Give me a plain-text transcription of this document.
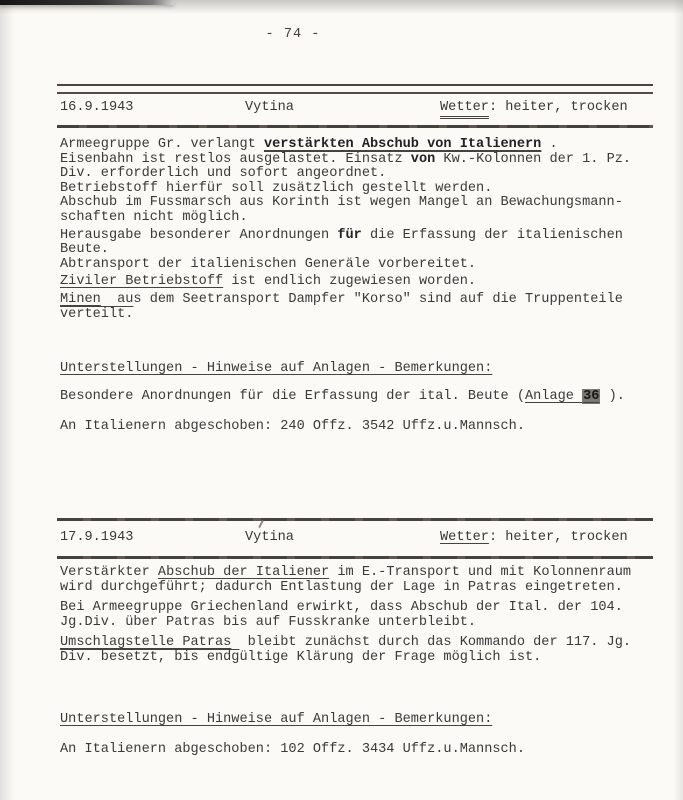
- 74 -
16.9.1943	Vytina	Wetter: heiter, trocken
Armeegruppe Gr. verlangt verstärkten Abschub von Italienern .
Eisenbahn ist restlos ausgelastet. Einsatz von Kw.-Kolonnen der 1. Pz.
Div. erforderlich und sofort angeordnet.
Betriebstoff hierfür soll zusätzlich gestellt werden.
Abschub im Fussmarsch aus Korinth ist wegen Mangel an Bewachungsmann-
schaften nicht möglich.
Herausgabe besonderer Anordnungen für die Erfassung der italienischen
Beute.
Abtransport der italienischen Generäle vorbereitet.
Ziviler Betriebstoff ist endlich zugewiesen worden.
Minen  aus dem Seetransport Dampfer "Korso" sind auf die Truppenteile
verteilt.
Unterstellungen - Hinweise auf Anlagen - Bemerkungen:
Besondere Anordnungen für die Erfassung der ital. Beute (Anlage 36 ).
An Italienern abgeschoben: 240 Offz. 3542 Uffz.u.Mannsch.
17.9.1943	Vytina	Wetter: heiter, trocken
Verstärkter Abschub der Italiener im E.-Transport und mit Kolonnenraum
wird durchgeführt; dadurch Entlastung der Lage in Patras eingetreten.
Bei Armeegruppe Griechenland erwirkt, dass Abschub der Ital. der 104.
Jg.Div. über Patras bis auf Fusskranke unterbleibt.
Umschlagstelle Patras  bleibt zunächst durch das Kommando der 117. Jg.
Div. besetzt, bis endgültige Klärung der Frage möglich ist.
Unterstellungen - Hinweise auf Anlagen - Bemerkungen:
An Italienern abgeschoben: 102 Offz. 3434 Uffz.u.Mannsch.
